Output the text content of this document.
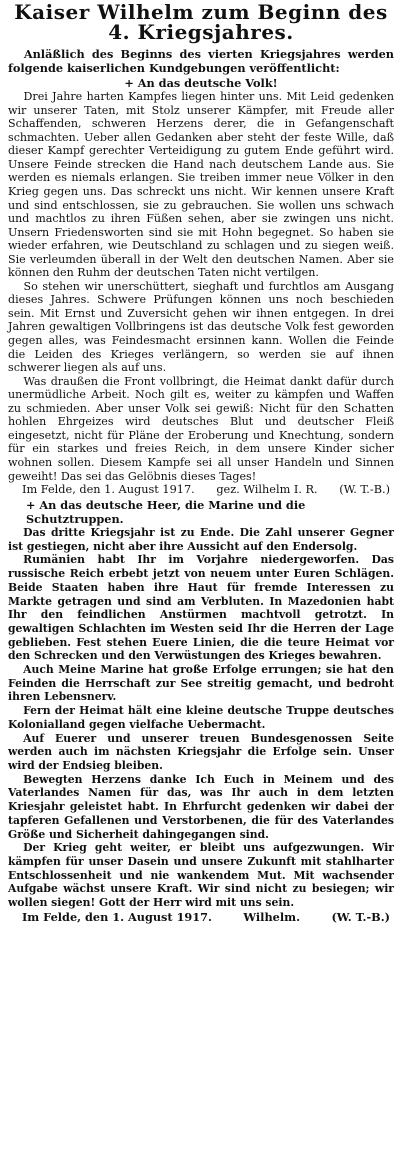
Kaiser Wilhelm zum Beginn des
4. Kriegsjahres.
Anläßlich des Beginns des vierten Kriegsjahres werden folgende kaiserlichen Kundgebungen veröffentlicht:
+ An das deutsche Volk!

Drei Jahre harten Kampfes liegen hinter uns. Mit Leid gedenken wir unserer Taten, mit Stolz unserer Kämpfer, mit Freude aller Schaffenden, schweren Herzens derer, die in Gefangenschaft schmachten. Ueber allen Gedanken aber steht der feste Wille, daß dieser Kampf gerechter Verteidigung zu gutem Ende geführt wird. Unsere Feinde strecken die Hand nach deutschem Lande aus. Sie werden es niemals erlangen. Sie treiben immer neue Völker in den Krieg gegen uns. Das schreckt uns nicht. Wir kennen unsere Kraft und sind entschlossen, sie zu gebrauchen. Sie wollen uns schwach und machtlos zu ihren Füßen sehen, aber sie zwingen uns nicht. Unsern Friedensworten sind sie mit Hohn begegnet. So haben sie wieder erfahren, wie Deutschland zu schlagen und zu siegen weiß. Sie verleumden überall in der Welt den deutschen Namen. Aber sie können den Ruhm der deutschen Taten nicht vertilgen.

So stehen wir unerschüttert, sieghaft und furchtlos am Ausgang dieses Jahres. Schwere Prüfungen können uns noch beschieden sein. Mit Ernst und Zuversicht gehen wir ihnen entgegen. In drei Jahren gewaltigen Vollbringens ist das deutsche Volk fest geworden gegen alles, was Feindesmacht ersinnen kann. Wollen die Feinde die Leiden des Krieges verlängern, so werden sie auf ihnen schwerer liegen als auf uns.

Was draußen die Front vollbringt, die Heimat dankt dafür durch unermüdliche Arbeit. Noch gilt es, weiter zu kämpfen und Waffen zu schmieden. Aber unser Volk sei gewiß: Nicht für den Schatten hohlen Ehrgeizes wird deutsches Blut und deutscher Fleiß eingesetzt, nicht für Pläne der Eroberung und Knechtung, sondern für ein starkes und freies Reich, in dem unsere Kinder sicher wohnen sollen. Diesem Kampfe sei all unser Handeln und Sinnen geweiht! Das sei das Gelöbnis dieses Tages!

Im Felde, den 1. August 1917. gez. Wilhelm I. R. (W. T.-B.)
+ An das deutsche Heer, die Marine und die Schutztruppen.

Das dritte Kriegsjahr ist zu Ende. Die Zahl unserer Gegner ist gestiegen, nicht aber ihre Aussicht auf den Endersolg.

Rumänien habt Ihr im Vorjahre niedergeworfen. Das russische Reich erbebt jetzt von neuem unter Euren Schlägen. Beide Staaten haben ihre Haut für fremde Interessen zu Markte getragen und sind am Verbluten. In Mazedonien habt Ihr den feindlichen Anstürmen machtvoll getrotzt. In gewaltigen Schlachten im Westen seid Ihr die Herren der Lage geblieben. Fest stehen Euere Linien, die die teure Heimat vor den Schrecken und den Verwüstungen des Krieges bewahren.

Auch Meine Marine hat große Erfolge errungen; sie hat den Feinden die Herrschaft zur See streitig gemacht, und bedroht ihren Lebensnerv.

Fern der Heimat hält eine kleine deutsche Truppe deutsches Kolonialland gegen vielfache Uebermacht.

Auf Euerer und unserer treuen Bundesgenossen Seite werden auch im nächsten Kriegsjahr die Erfolge sein. Unser wird der Endsieg bleiben.

Bewegten Herzens danke Ich Euch in Meinem und des Vaterlandes Namen für das, was Ihr auch in dem letzten Kriesjahr geleistet habt. In Ehrfurcht gedenken wir dabei der tapferen Gefallenen und Verstorbenen, die für des Vaterlandes Größe und Sicherheit dahingegangen sind.

Der Krieg geht weiter, er bleibt uns aufgezwungen. Wir kämpfen für unser Dasein und unsere Zukunft mit stahlharter Entschlossenheit und nie wankendem Mut. Mit wachsender Aufgabe wächst unsere Kraft. Wir sind nicht zu besiegen; wir wollen siegen! Gott der Herr wird mit uns sein.

Im Felde, den 1. August 1917.	Wilhelm.	(W. T.-B.)
